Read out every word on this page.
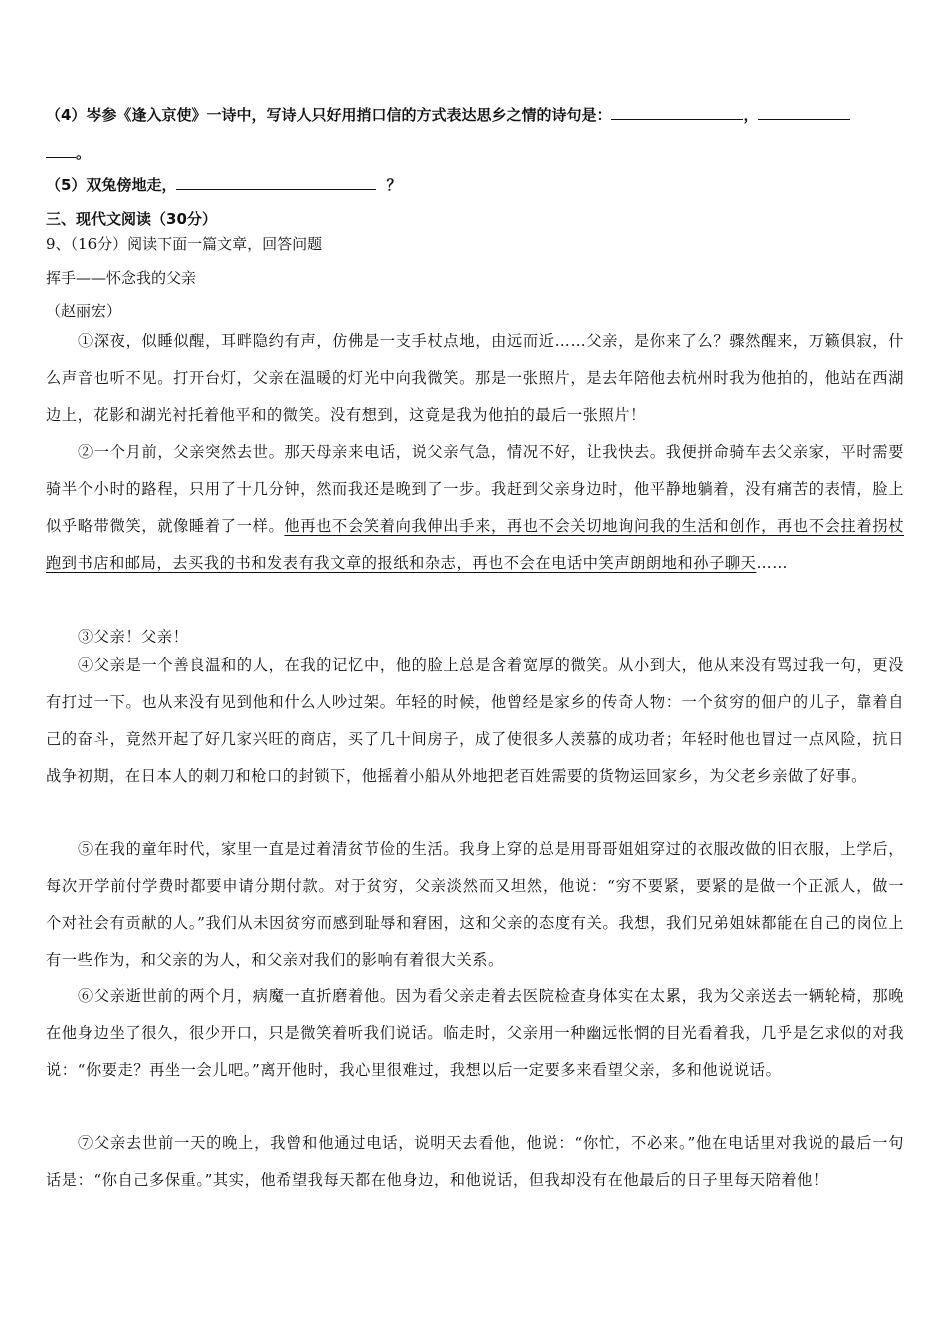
（4）岑参《逢入京使》一诗中，写诗人只好用捎口信的方式表达思乡之情的诗句是：	，
。
（5）双兔傍地走，	？
三、现代文阅读（30分）
9、（16分）阅读下面一篇文章，回答问题
挥手——怀念我的父亲
（赵丽宏）

①深夜，似睡似醒，耳畔隐约有声，仿佛是一支手杖点地，由远而近……父亲，是你来了么？骤然醒来，万籁俱寂，什么声音也听不见。打开台灯，父亲在温暖的灯光中向我微笑。那是一张照片，是去年陪他去杭州时我为他拍的，他站在西湖边上，花影和湖光衬托着他平和的微笑。没有想到，这竟是我为他拍的最后一张照片！

②一个月前，父亲突然去世。那天母亲来电话，说父亲气急，情况不好，让我快去。我便拼命骑车去父亲家，平时需要骑半个小时的路程，只用了十几分钟，然而我还是晚到了一步。我赶到父亲身边时，他平静地躺着，没有痛苦的表情，脸上似乎略带微笑，就像睡着了一样。他再也不会笑着向我伸出手来，再也不会关切地询问我的生活和创作，再也不会拄着拐杖跑到书店和邮局，去买我的书和发表有我文章的报纸和杂志，再也不会在电话中笑声朗朗地和孙子聊天……

③父亲！父亲！

④父亲是一个善良温和的人，在我的记忆中，他的脸上总是含着宽厚的微笑。从小到大，他从来没有骂过我一句，更没有打过一下。也从来没有见到他和什么人吵过架。年轻的时候，他曾经是家乡的传奇人物：一个贫穷的佃户的儿子，靠着自己的奋斗，竟然开起了好几家兴旺的商店，买了几十间房子，成了使很多人羡慕的成功者；年轻时他也冒过一点风险，抗日战争初期，在日本人的刺刀和枪口的封锁下，他摇着小船从外地把老百姓需要的货物运回家乡，为父老乡亲做了好事。

⑤在我的童年时代，家里一直是过着清贫节俭的生活。我身上穿的总是用哥哥姐姐穿过的衣服改做的旧衣服，上学后，每次开学前付学费时都要申请分期付款。对于贫穷，父亲淡然而又坦然，他说：“穷不要紧，要紧的是做一个正派人，做一个对社会有贡献的人。”我们从未因贫穷而感到耻辱和窘困，这和父亲的态度有关。我想，我们兄弟姐妹都能在自己的岗位上有一些作为，和父亲的为人，和父亲对我们的影响有着很大关系。

⑥父亲逝世前的两个月，病魔一直折磨着他。因为看父亲走着去医院检查身体实在太累，我为父亲送去一辆轮椅，那晚在他身边坐了很久，很少开口，只是微笑着听我们说话。临走时，父亲用一种幽远怅惘的目光看着我，几乎是乞求似的对我说：“你要走？再坐一会儿吧。”离开他时，我心里很难过，我想以后一定要多来看望父亲，多和他说说话。

⑦父亲去世前一天的晚上，我曾和他通过电话，说明天去看他，他说：“你忙，不必来。”他在电话里对我说的最后一句话是：“你自己多保重。”其实，他希望我每天都在他身边，和他说话，但我却没有在他最后的日子里每天陪着他！
